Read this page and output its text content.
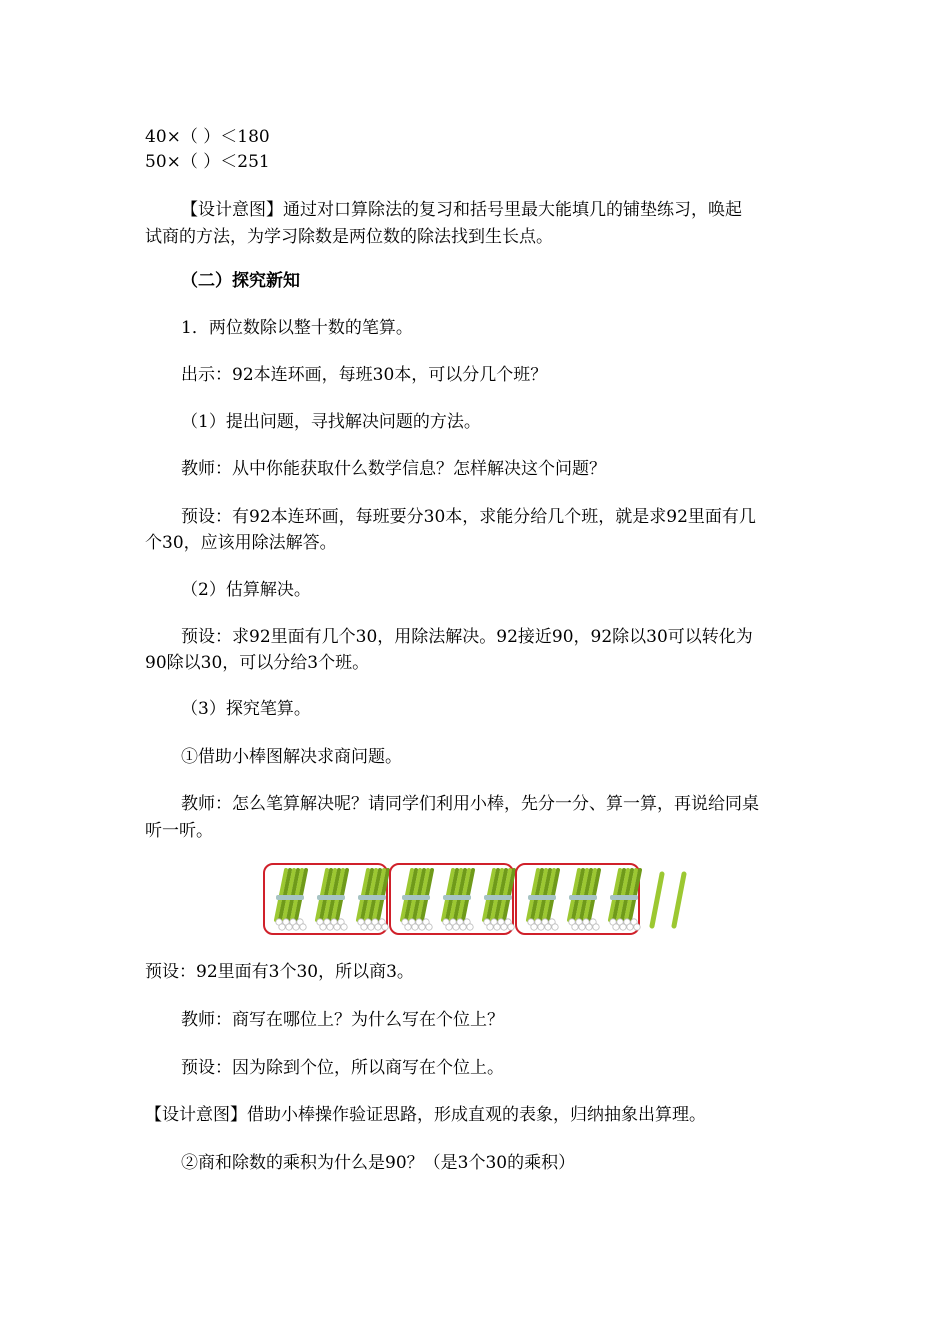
40×（ ）＜180
50×（ ）＜251
【设计意图】通过对口算除法的复习和括号里最大能填几的铺垫练习，唤起
试商的方法，为学习除数是两位数的除法找到生长点。
（二）探究新知
1．两位数除以整十数的笔算。
出示：92本连环画，每班30本，可以分几个班？
（1）提出问题，寻找解决问题的方法。
教师：从中你能获取什么数学信息？怎样解决这个问题？
预设：有92本连环画，每班要分30本，求能分给几个班，就是求92里面有几
个30，应该用除法解答。
（2）估算解决。
预设：求92里面有几个30，用除法解决。92接近90，92除以30可以转化为
90除以30，可以分给3个班。
（3）探究笔算。
①借助小棒图解决求商问题。
教师：怎么笔算解决呢？请同学们利用小棒，先分一分、算一算，再说给同桌
听一听。
预设：92里面有3个30，所以商3。
教师：商写在哪位上？为什么写在个位上？
预设：因为除到个位，所以商写在个位上。
【设计意图】借助小棒操作验证思路，形成直观的表象，归纳抽象出算理。
②商和除数的乘积为什么是90？（是3个30的乘积）
